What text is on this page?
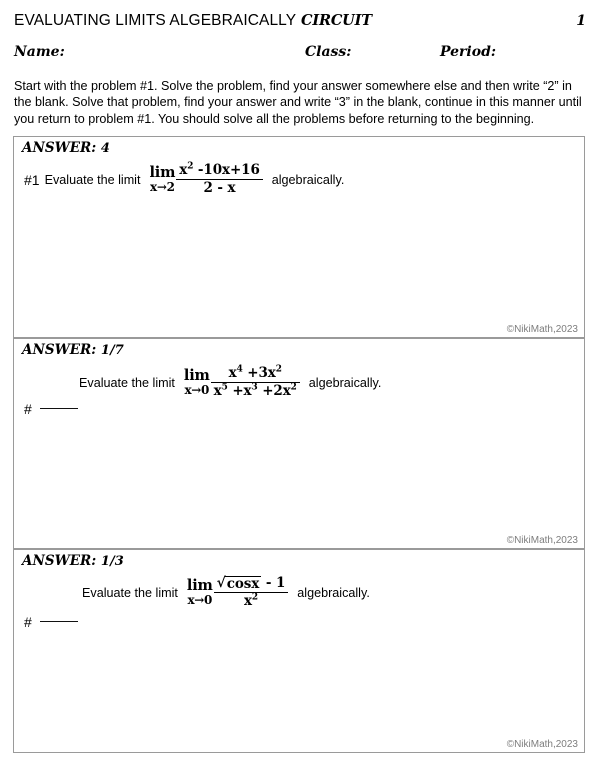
EVALUATING LIMITS ALGEBRAICALLY CIRCUIT	1
Name:	Class:	Period:
Start with the problem #1. Solve the problem, find your answer somewhere else and then write “2” in the blank. Solve that problem, find your answer and write “3” in the blank, continue in this manner until you return to problem #1. You should solve all the problems before returning to the beginning.
ANSWER: 4
#1 Evaluate the limit lim
$x\to 2 \frac{x^2 -10x+16}{2 - x}$ algebraically.
©NikiMath,2023
ANSWER: 1/7
Evaluate the limit lim
$x\to 0 \frac{x^4 +3x^2}{x^5 +x^3 +2x^2}$ algebraically.
#
©NikiMath,2023
ANSWER: 1/3
Evaluate the limit lim
$x\to 0 \frac{√ \cos x - 1}{x^2}$ algebraically.
#
©NikiMath,2023
